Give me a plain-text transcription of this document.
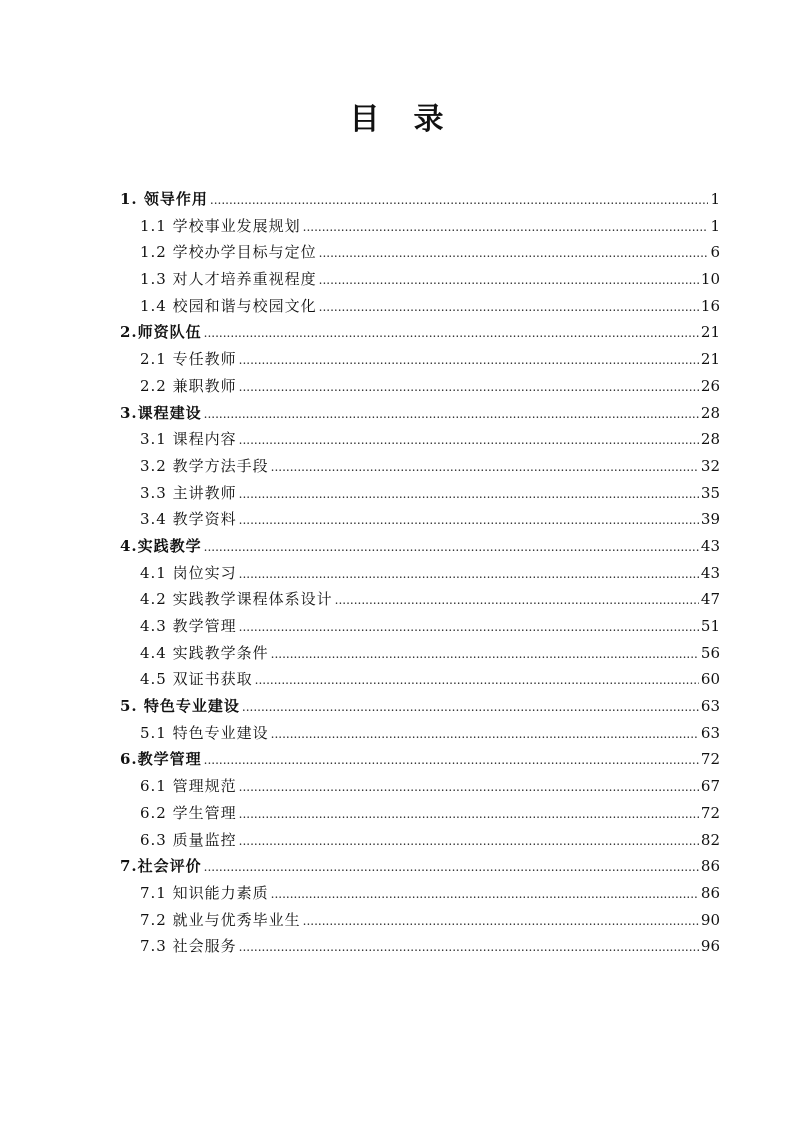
目 录
1. 领导作用 .....	1
1.1 学校事业发展规划 .....	1
1.2 学校办学目标与定位 .....	6
1.3 对人才培养重视程度 .....	10
1.4 校园和谐与校园文化 .....	16
2.师资队伍 .....	21
2.1 专任教师 .....	21
2.2 兼职教师 .....	26
3.课程建设 .....	28
3.1 课程内容 .....	28
3.2 教学方法手段 .....	32
3.3 主讲教师 .....	35
3.4 教学资料 .....	39
4.实践教学 .....	43
4.1 岗位实习 .....	43
4.2 实践教学课程体系设计 .....	47
4.3 教学管理 .....	51
4.4 实践教学条件 .....	56
4.5 双证书获取 .....	60
5. 特色专业建设 .....	63
5.1 特色专业建设 .....	63
6.教学管理 .....	72
6.1 管理规范 .....	67
6.2 学生管理 .....	72
6.3 质量监控 .....	82
7.社会评价 .....	86
7.1 知识能力素质 .....	86
7.2 就业与优秀毕业生 .....	90
7.3 社会服务 .....	96
